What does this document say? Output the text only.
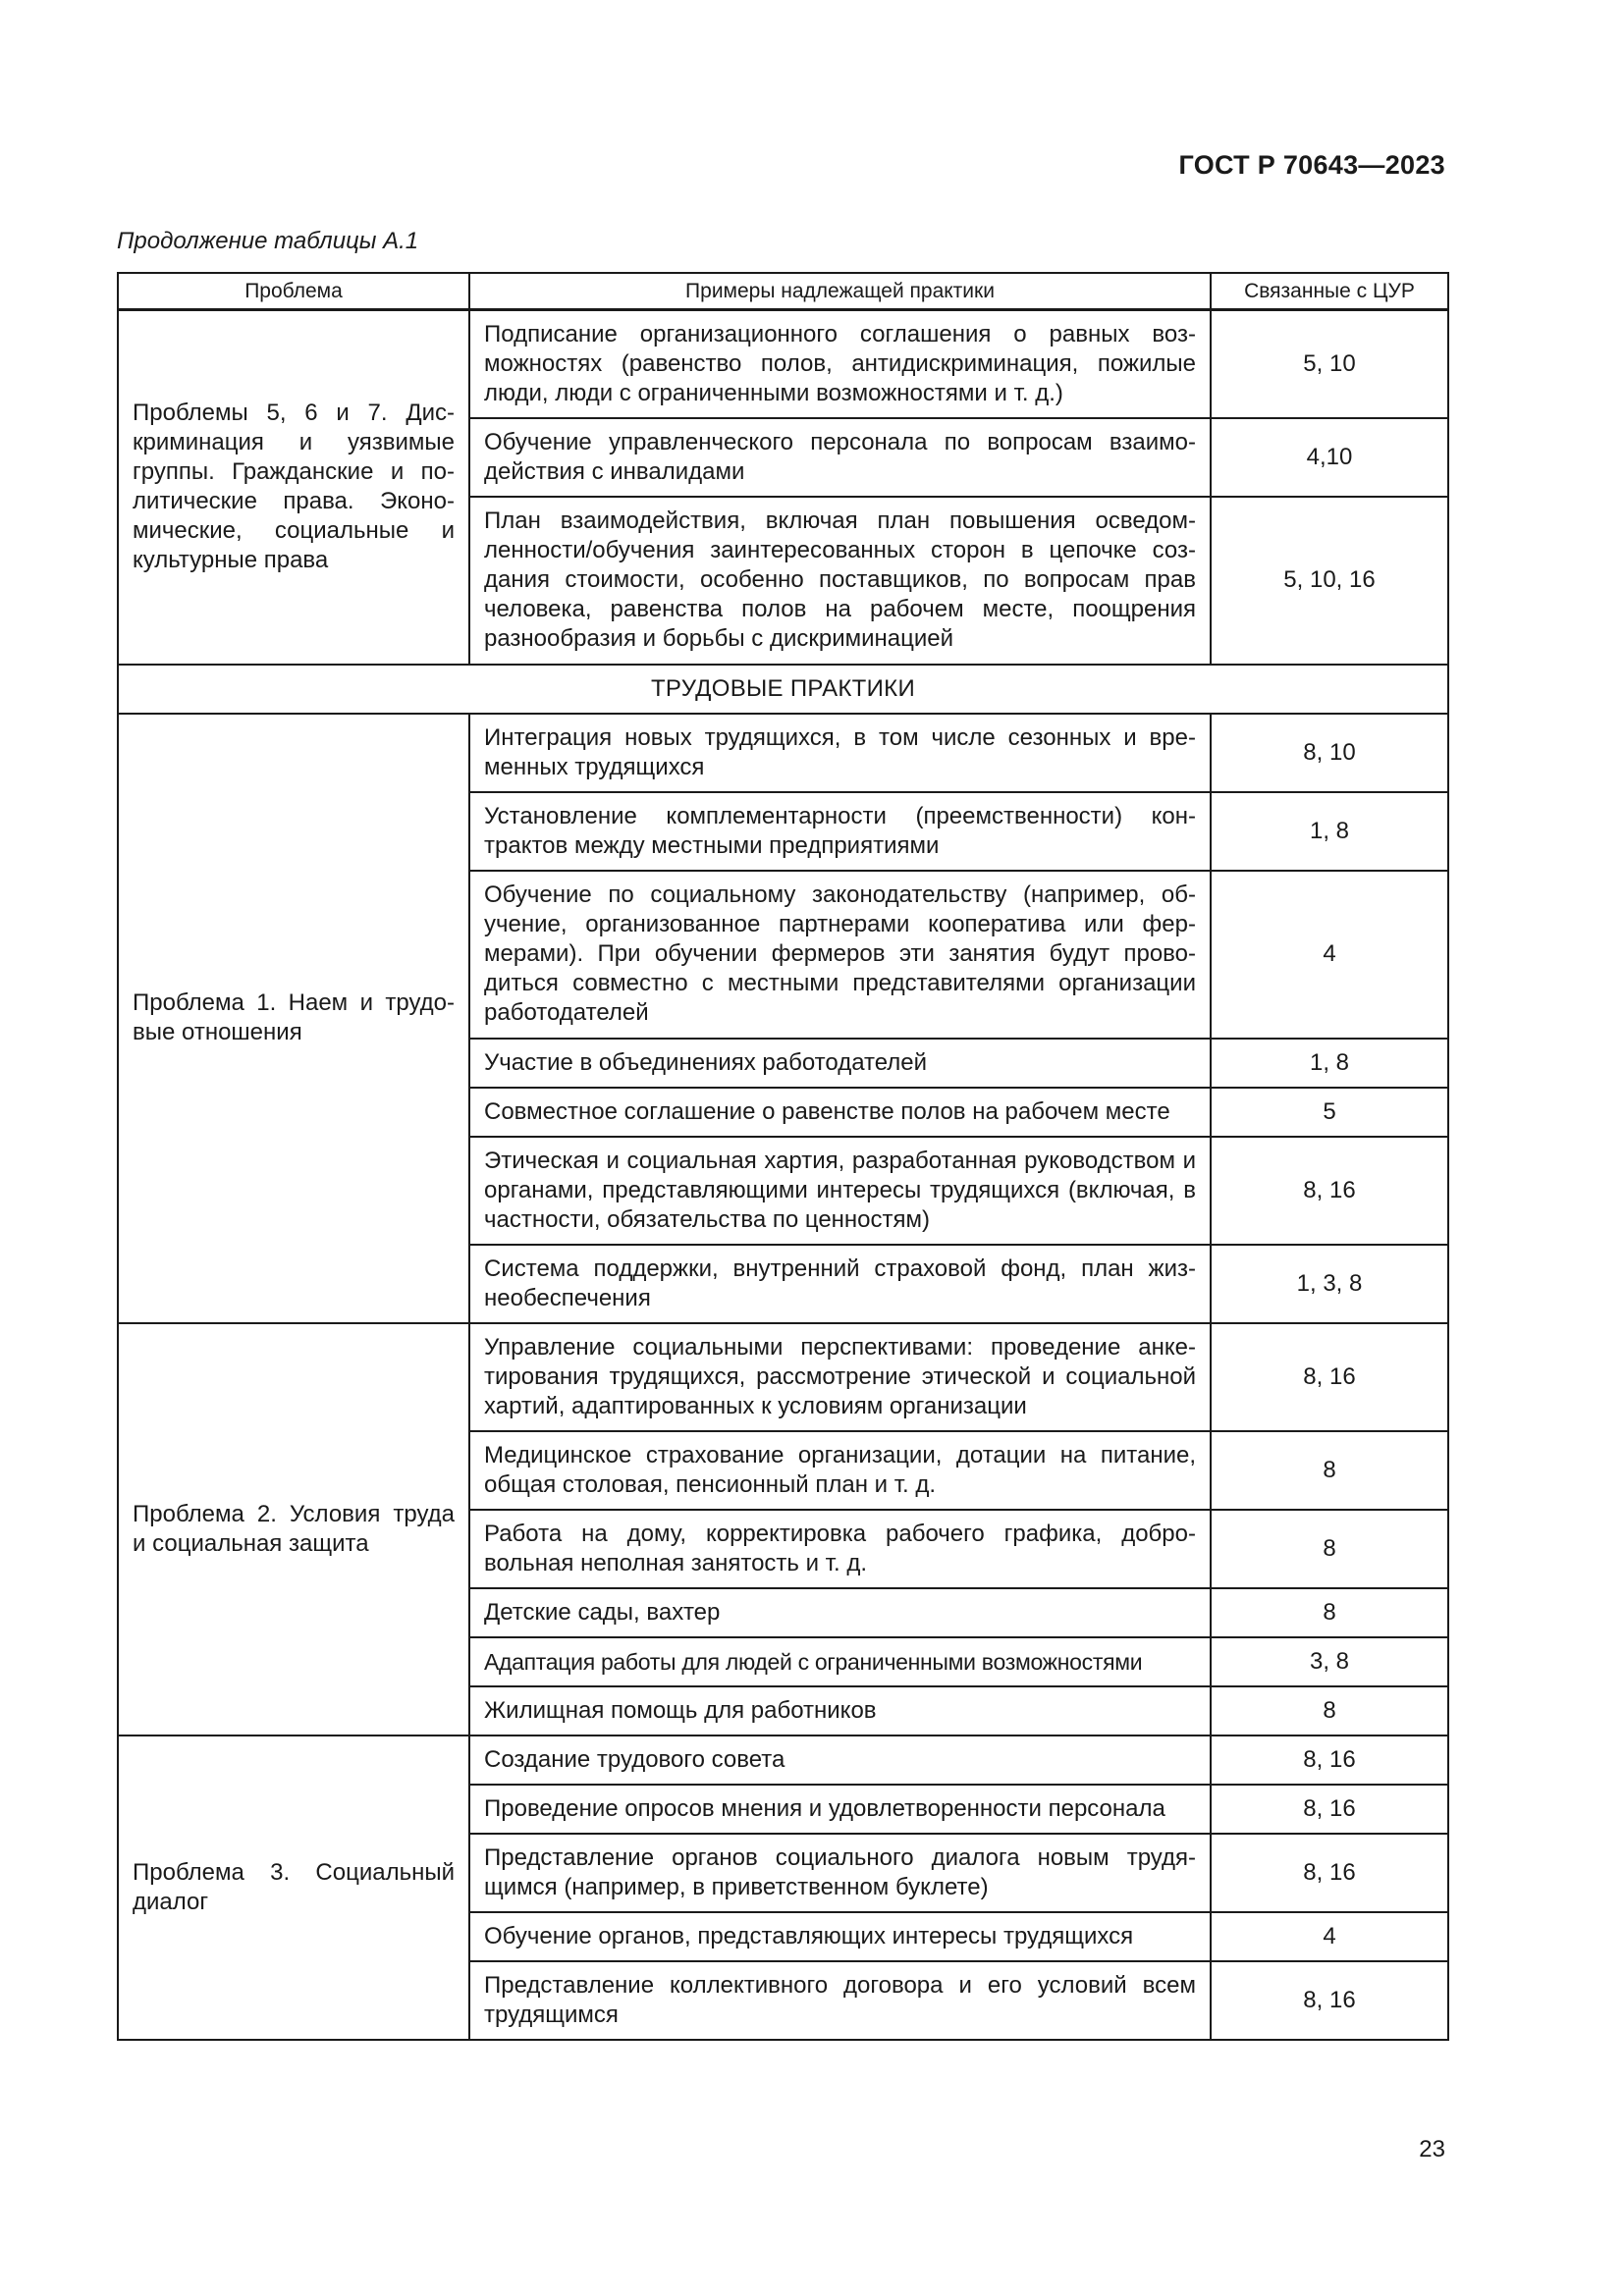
ГОСТ Р 70643—2023
Продолжение таблицы А.1
Проблема	Примеры надлежащей практики	Связанные с ЦУР
Проблемы 5, 6 и 7. Дискриминация и уязвимые группы. Гражданские и политические права. Экономические, социальные и культурные права	Подписание организационного соглашения о равных возможностях (равенство полов, антидискриминация, пожилые люди, люди с ограниченными возможностями и т. д.)	5, 10
	Обучение управленческого персонала по вопросам взаимодействия с инвалидами	4,10
	План взаимодействия, включая план повышения осведомленности/обучения заинтересованных сторон в цепочке создания стоимости, особенно поставщиков, по вопросам прав человека, равенства полов на рабочем месте, поощрения разнообразия и борьбы с дискриминацией	5, 10, 16
ТРУДОВЫЕ ПРАКТИКИ		
Проблема 1. Наем и трудовые отношения	Интеграция новых трудящихся, в том числе сезонных и временных трудящихся	8, 10
	Установление комплементарности (преемственности) контрактов между местными предприятиями	1, 8
	Обучение по социальному законодательству (например, обучение, организованное партнерами кооператива или фермерами). При обучении фермеров эти занятия будут проводиться совместно с местными представителями организации работодателей	4
	Участие в объединениях работодателей	1, 8
	Совместное соглашение о равенстве полов на рабочем месте	5
	Этическая и социальная хартия, разработанная руководством и органами, представляющими интересы трудящихся (включая, в частности, обязательства по ценностям)	8, 16
	Система поддержки, внутренний страховой фонд, план жизнеобеспечения	1, 3, 8
Проблема 2. Условия труда и социальная защита	Управление социальными перспективами: проведение анкетирования трудящихся, рассмотрение этической и социальной хартий, адаптированных к условиям организации	8, 16
	Медицинское страхование организации, дотации на питание, общая столовая, пенсионный план и т. д.	8
	Работа на дому, корректировка рабочего графика, добровольная неполная занятость и т. д.	8
	Детские сады, вахтер	8
	Адаптация работы для людей с ограниченными возможностями	3, 8
	Жилищная помощь для работников	8
Проблема 3. Социальный диалог	Создание трудового совета	8, 16
	Проведение опросов мнения и удовлетворенности персонала	8, 16
	Представление органов социального диалога новым трудящимся (например, в приветственном буклете)	8, 16
	Обучение органов, представляющих интересы трудящихся	4
	Представление коллективного договора и его условий всем трудящимся	8, 16
23
